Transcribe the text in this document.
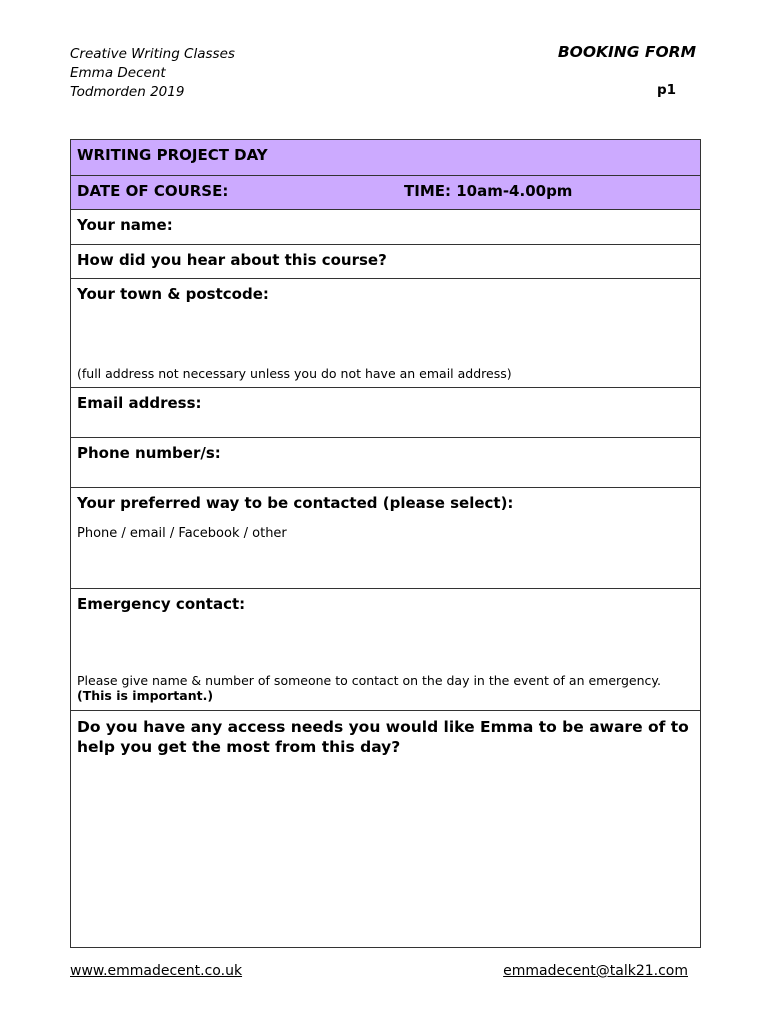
Creative Writing Classes
Emma Decent
Todmorden 2019
BOOKING FORM
p1
WRITING PROJECT DAY
DATE OF COURSE:	TIME: 10am-4.00pm

Your name:
How did you hear about this course?
Your town & postcode:
(full address not necessary unless you do not have an email address)

Email address:
Phone number/s:

Your preferred way to be contacted (please select):
Phone / email / Facebook / other

Emergency contact:
Please give name & number of someone to contact on the day in the event of an emergency. (This is important.)

Do you have any access needs you would like Emma to be aware of to help you get the most from this day?
www.emmadecent.co.uk	emmadecent@talk21.com
